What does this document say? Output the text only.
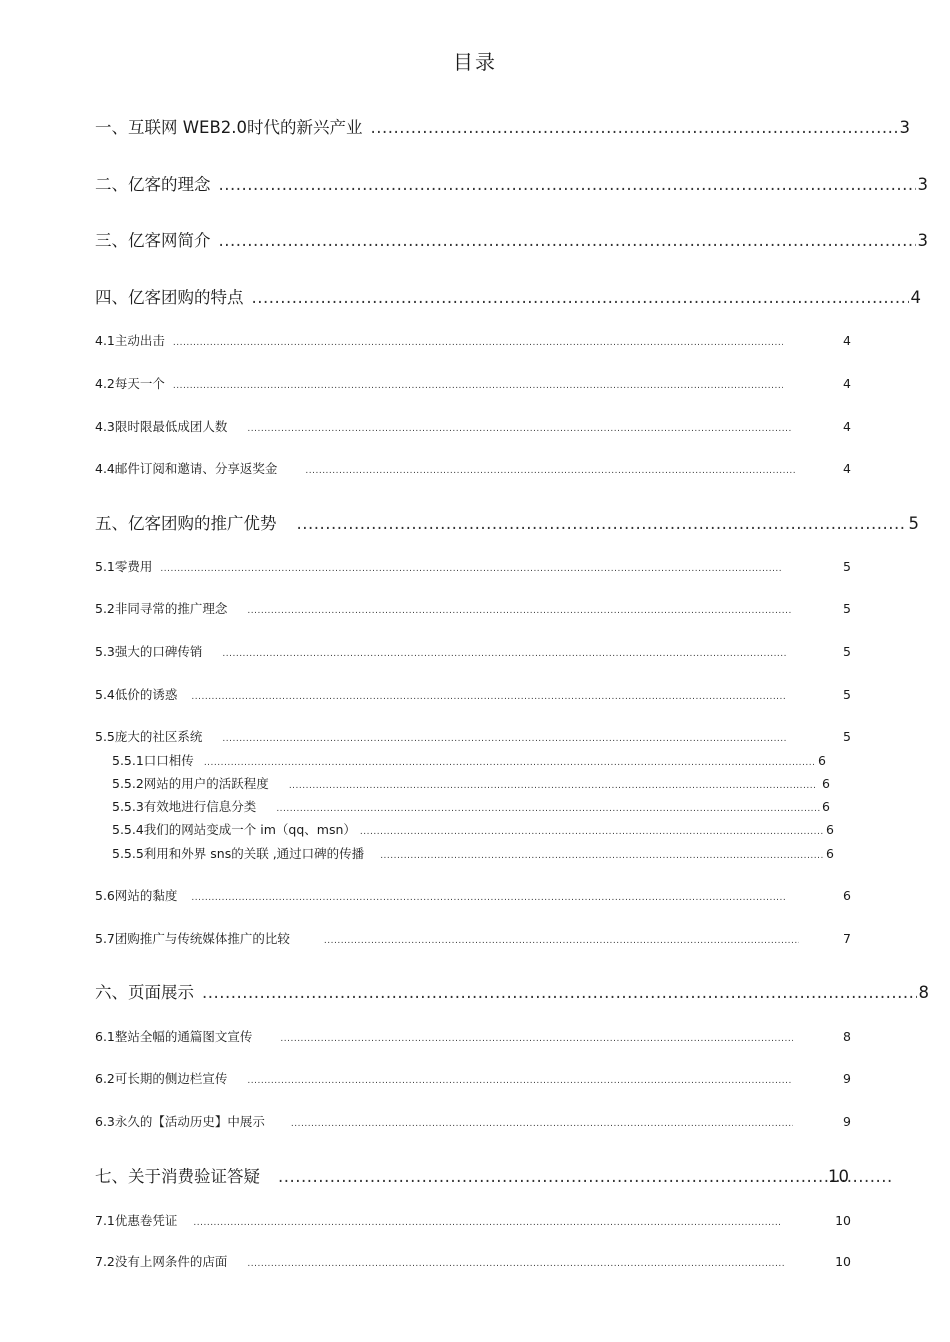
目录
一、互联网 WEB2.0时代的新兴产业 .....	3
二、亿客的理念 .....	3
三、亿客网简介 .....	3
四、亿客团购的特点 .....	4
4.1主动出击 .....	4
4.2每天一个 .....	4
4.3限时限最低成团人数 .....	4
4.4邮件订阅和邀请、分享返奖金 .....	4
五、亿客团购的推广优势 .....	5
5.1零费用 .....	5
5.2非同寻常的推广理念 .....	5
5.3强大的口碑传销 .....	5
5.4低价的诱惑 .....	5
5.5庞大的社区系统 .....	5
5.5.1口口相传 .....	6
5.5.2网站的用户的活跃程度 .....	6
5.5.3有效地进行信息分类 .....	6
5.5.4我们的网站变成一个 im（qq、msn） .....	6
5.5.5利用和外界 sns的关联 ,通过口碑的传播 .....	6
5.6网站的黏度 .....	6
5.7团购推广与传统媒体推广的比较 .....	7
六、页面展示 .....	8
6.1整站全幅的通篇图文宣传 .....	8
6.2可长期的侧边栏宣传 .....	9
6.3永久的【活动历史】中展示 .....	9
七、关于消费验证答疑 .....	10
7.1优惠卷凭证 .....	10
7.2没有上网条件的店面 .....	10
